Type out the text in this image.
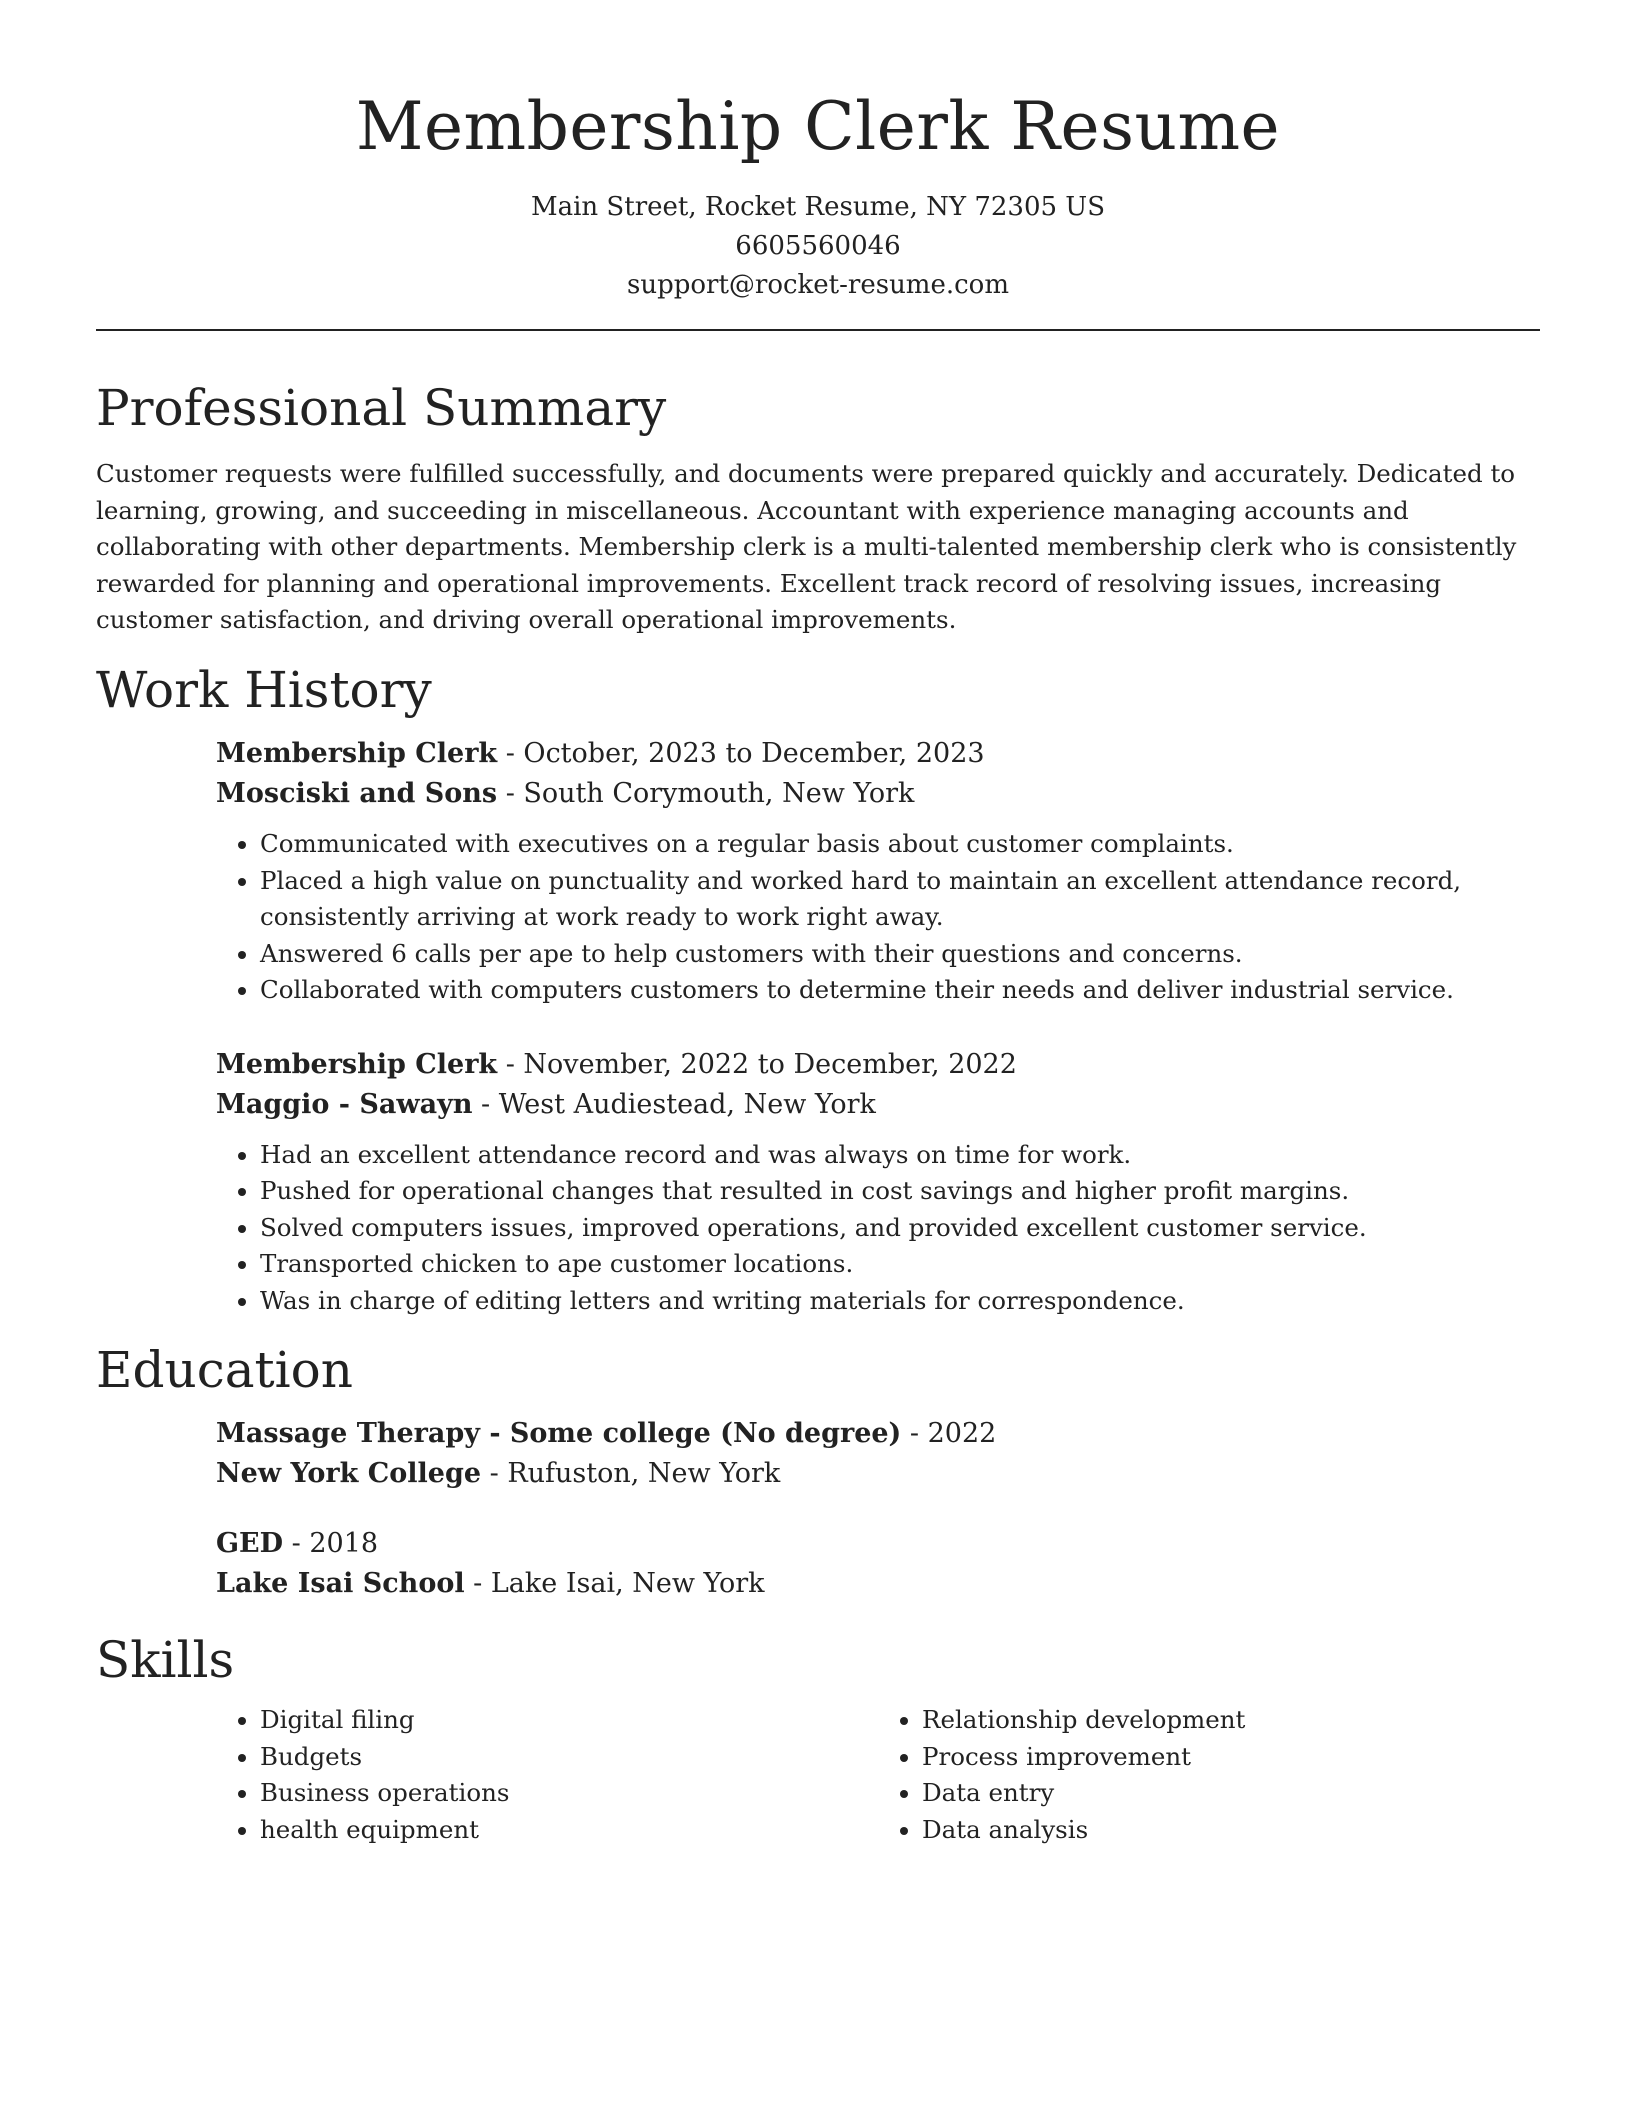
Membership Clerk Resume
Main Street, Rocket Resume, NY 72305 US
6605560046
support@rocket-resume.com
Professional Summary

Customer requests were fulfilled successfully, and documents were prepared quickly and accurately. Dedicated to learning, growing, and succeeding in miscellaneous. Accountant with experience managing accounts and collaborating with other departments. Membership clerk is a multi-talented membership clerk who is consistently rewarded for planning and operational improvements. Excellent track record of resolving issues, increasing customer satisfaction, and driving overall operational improvements.

Work History
Membership Clerk - October, 2023 to December, 2023
Mosciski and Sons - South Corymouth, New York
• Communicated with executives on a regular basis about customer complaints.
• Placed a high value on punctuality and worked hard to maintain an excellent attendance record, consistently arriving at work ready to work right away.
• Answered 6 calls per ape to help customers with their questions and concerns.
• Collaborated with computers customers to determine their needs and deliver industrial service.
Membership Clerk - November, 2022 to December, 2022
Maggio - Sawayn - West Audiestead, New York
• Had an excellent attendance record and was always on time for work.
• Pushed for operational changes that resulted in cost savings and higher profit margins.
• Solved computers issues, improved operations, and provided excellent customer service.
• Transported chicken to ape customer locations.
• Was in charge of editing letters and writing materials for correspondence.
Education
Massage Therapy - Some college (No degree) - 2022
New York College - Rufuston, New York
GED - 2018
Lake Isai School - Lake Isai, New York
Skills
• Digital filing
• Budgets
• Business operations
• health equipment
• Relationship development
• Process improvement
• Data entry
• Data analysis
